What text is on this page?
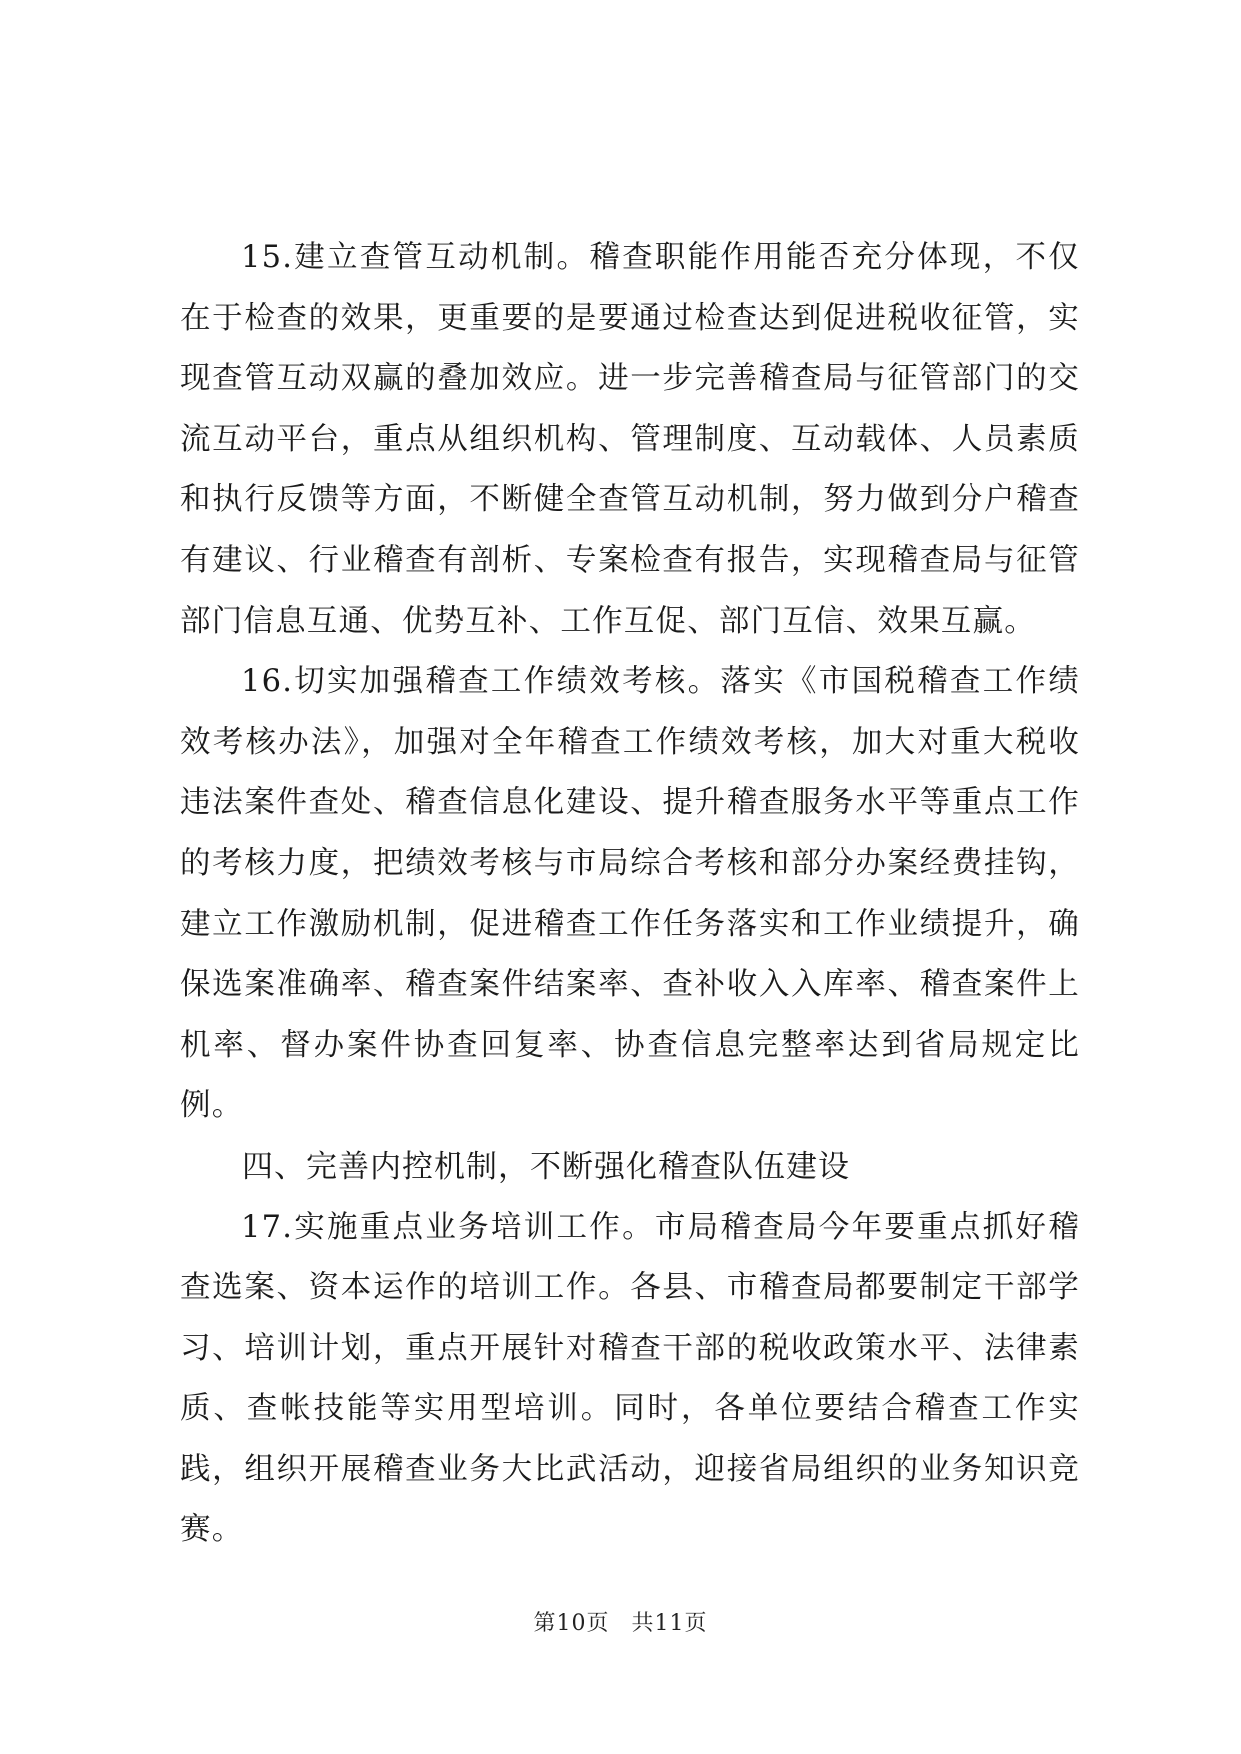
15.建立查管互动机制。稽查职能作用能否充分体现，不仅在于检查的效果，更重要的是要通过检查达到促进税收征管，实现查管互动双赢的叠加效应。进一步完善稽查局与征管部门的交流互动平台，重点从组织机构、管理制度、互动载体、人员素质和执行反馈等方面，不断健全查管互动机制，努力做到分户稽查有建议、行业稽查有剖析、专案检查有报告，实现稽查局与征管部门信息互通、优势互补、工作互促、部门互信、效果互赢。

16.切实加强稽查工作绩效考核。落实《市国税稽查工作绩效考核办法》，加强对全年稽查工作绩效考核，加大对重大税收违法案件查处、稽查信息化建设、提升稽查服务水平等重点工作的考核力度，把绩效考核与市局综合考核和部分办案经费挂钩，建立工作激励机制，促进稽查工作任务落实和工作业绩提升，确保选案准确率、稽查案件结案率、查补收入入库率、稽查案件上机率、督办案件协查回复率、协查信息完整率达到省局规定比例。

四、完善内控机制，不断强化稽查队伍建设

17.实施重点业务培训工作。市局稽查局今年要重点抓好稽查选案、资本运作的培训工作。各县、市稽查局都要制定干部学习、培训计划，重点开展针对稽查干部的税收政策水平、法律素质、查帐技能等实用型培训。同时，各单位要结合稽查工作实践，组织开展稽查业务大比武活动，迎接省局组织的业务知识竞赛。

第10页 共11页
